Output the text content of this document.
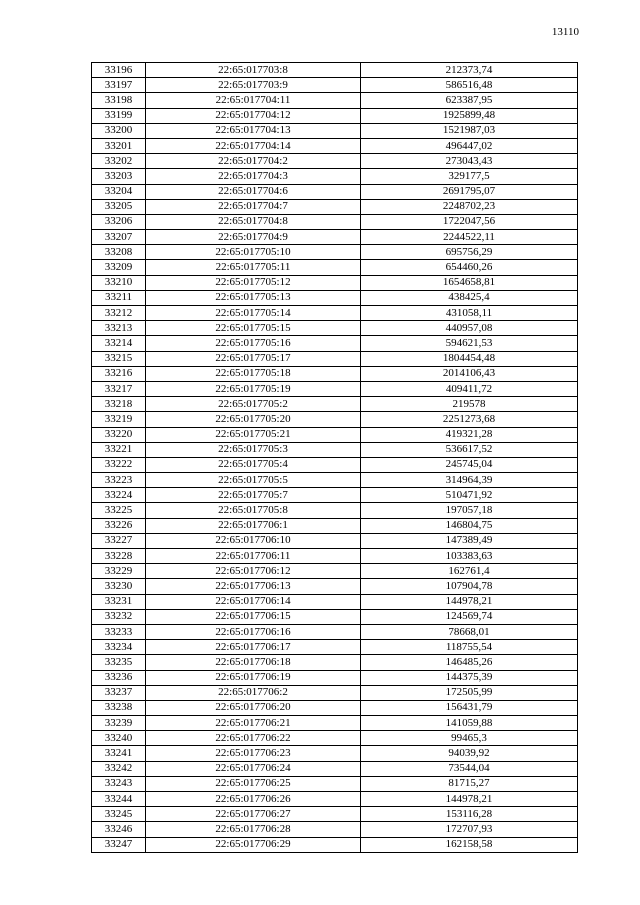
13110
33196	22:65:017703:8	212373,74
33197	22:65:017703:9	586516,48
33198	22:65:017704:11	623387,95
33199	22:65:017704:12	1925899,48
33200	22:65:017704:13	1521987,03
33201	22:65:017704:14	496447,02
33202	22:65:017704:2	273043,43
33203	22:65:017704:3	329177,5
33204	22:65:017704:6	2691795,07
33205	22:65:017704:7	2248702,23
33206	22:65:017704:8	1722047,56
33207	22:65:017704:9	2244522,11
33208	22:65:017705:10	695756,29
33209	22:65:017705:11	654460,26
33210	22:65:017705:12	1654658,81
33211	22:65:017705:13	438425,4
33212	22:65:017705:14	431058,11
33213	22:65:017705:15	440957,08
33214	22:65:017705:16	594621,53
33215	22:65:017705:17	1804454,48
33216	22:65:017705:18	2014106,43
33217	22:65:017705:19	409411,72
33218	22:65:017705:2	219578
33219	22:65:017705:20	2251273,68
33220	22:65:017705:21	419321,28
33221	22:65:017705:3	536617,52
33222	22:65:017705:4	245745,04
33223	22:65:017705:5	314964,39
33224	22:65:017705:7	510471,92
33225	22:65:017705:8	197057,18
33226	22:65:017706:1	146804,75
33227	22:65:017706:10	147389,49
33228	22:65:017706:11	103383,63
33229	22:65:017706:12	162761,4
33230	22:65:017706:13	107904,78
33231	22:65:017706:14	144978,21
33232	22:65:017706:15	124569,74
33233	22:65:017706:16	78668,01
33234	22:65:017706:17	118755,54
33235	22:65:017706:18	146485,26
33236	22:65:017706:19	144375,39
33237	22:65:017706:2	172505,99
33238	22:65:017706:20	156431,79
33239	22:65:017706:21	141059,88
33240	22:65:017706:22	99465,3
33241	22:65:017706:23	94039,92
33242	22:65:017706:24	73544,04
33243	22:65:017706:25	81715,27
33244	22:65:017706:26	144978,21
33245	22:65:017706:27	153116,28
33246	22:65:017706:28	172707,93
33247	22:65:017706:29	162158,58
